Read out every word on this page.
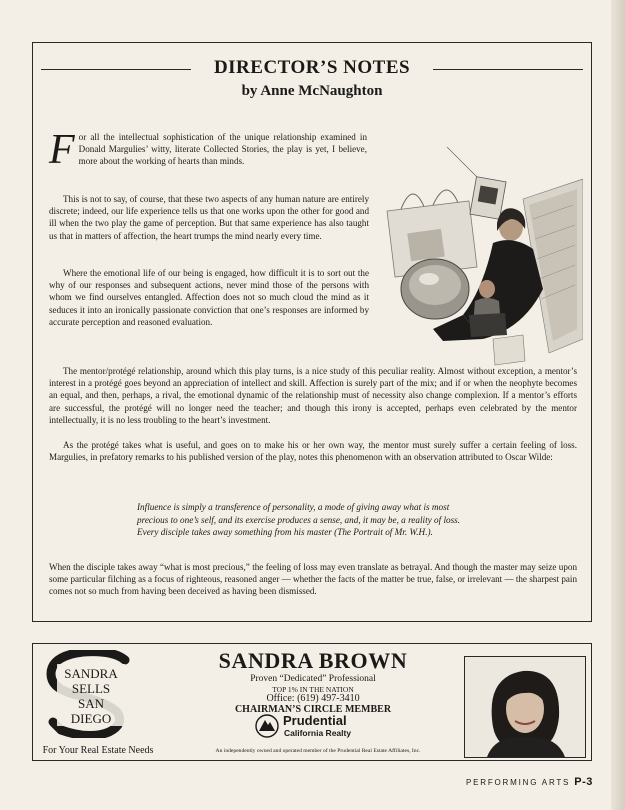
DIRECTOR’S NOTES

by Anne McNaughton

For all the intellectual sophistication of the unique relationship examined in Donald Margulies’ witty, literate Collected Stories, the play is yet, I believe, more about the working of hearts than minds.

This is not to say, of course, that these two aspects of any human nature are entirely discrete; indeed, our life experience tells us that one works upon the other for good and ill when the two play the game of perception. But that same experience has also taught us that in matters of affection, the heart trumps the mind nearly every time.

Where the emotional life of our being is engaged, how difficult it is to sort out the why of our responses and subsequent actions, never mind those of the persons with whom we find ourselves entangled. Affection does not so much cloud the mind as it seduces it into an ironically passionate conviction that one’s responses are informed by accurate perception and reasoned evaluation.

The mentor/protégé relationship, around which this play turns, is a nice study of this peculiar reality. Almost without exception, a mentor’s interest in a protégé goes beyond an appreciation of intellect and skill. Affection is surely part of the mix; and if or when the neophyte becomes an equal, and then, perhaps, a rival, the emotional dynamic of the relationship must of necessity also change complexion. If a mentor’s efforts are successful, the protégé will no longer need the teacher; and though this irony is accepted, perhaps even celebrated by the mentor intellectually, it is no less troubling to the heart’s investment.

As the protégé takes what is useful, and goes on to make his or her own way, the mentor must surely suffer a certain feeling of loss. Margulies, in prefatory remarks to his published version of the play, notes this phenomenon with an observation attributed to Oscar Wilde:

Influence is simply a transference of personality, a mode of giving away what is most precious to one’s self, and its exercise produces a sense, and, it may be, a reality of loss. Every disciple takes away something from his master (The Portrait of Mr. W.H.).

When the disciple takes away “what is most precious,” the feeling of loss may even translate as betrayal. And though the master may seize upon some particular filching as a focus of righteous, reasoned anger — whether the facts of the matter be true, false, or irrelevant — the sharpest pain comes not so much from having been deceived as having been dismissed.

SANDRA
SELLS
SAN
DIEGO
For Your Real Estate Needs
SANDRA BROWN
Proven “Dedicated” Professional
TOP 1% IN THE NATION
Office: (619) 497-3410
CHAIRMAN’S CIRCLE MEMBER
Prudential
California Realty
An independently owned and operated member of the Prudential Real Estate Affiliates, Inc.
PERFORMING ARTS P-3
